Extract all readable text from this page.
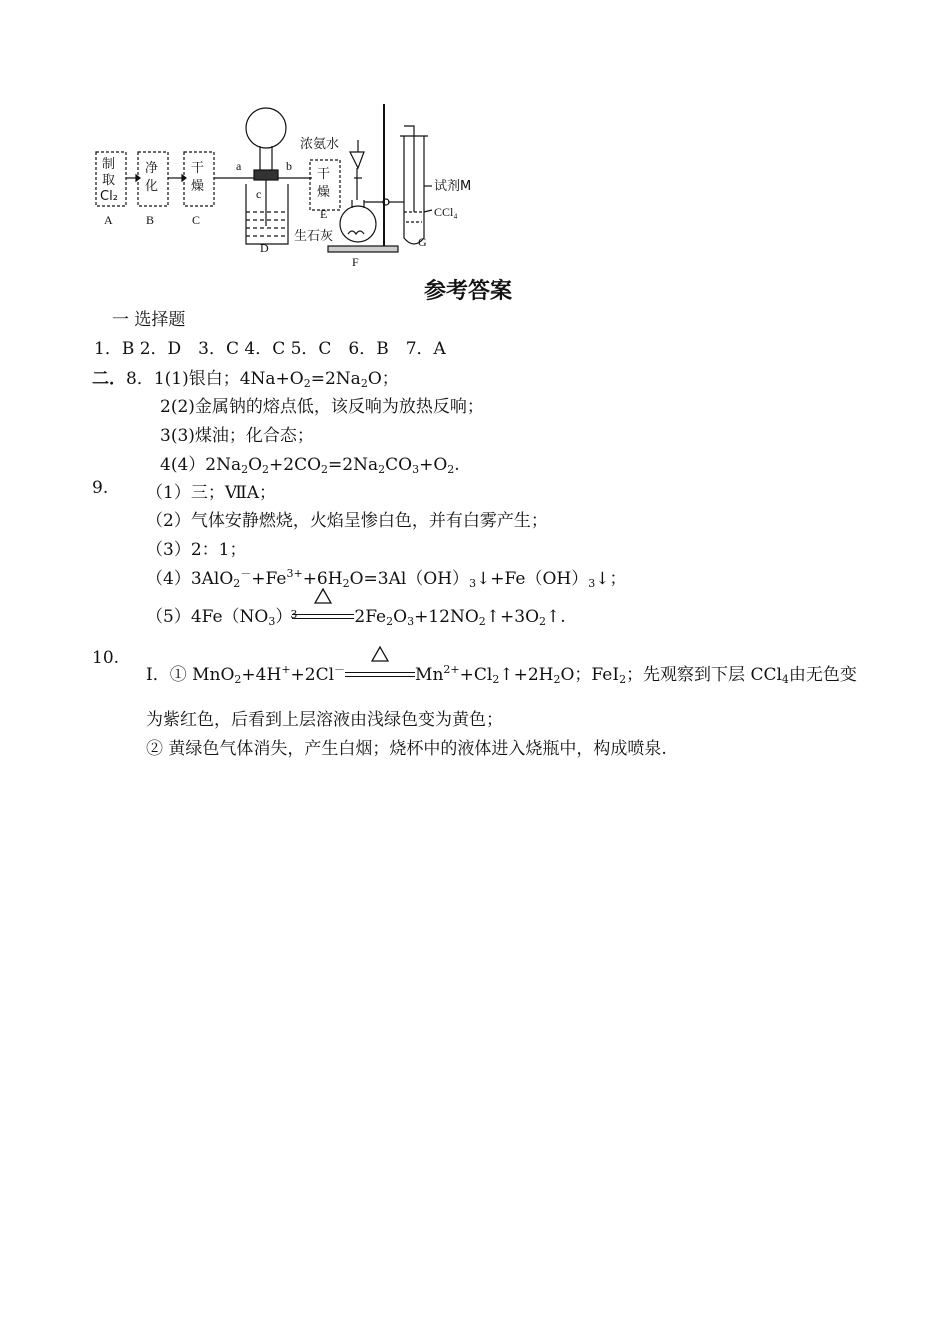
制
取
Cl₂
净
化
干
燥
干
燥
a	b
c
浓氨水
生石灰
试剂M
CCl₄
A	B	C
D
E
F
G
参考答案
一 选择题
1．B 2．D　3．C 4．C 5．C　6．B　7．A
二．8．1(1)银白；$4Na+O_2=2Na_2O$；
2(2)金属钠的熔点低，该反响为放热反响；
3(3)煤油；化合态；
$4(4)2Na_2O_2+2CO_2=2Na_2CO_3+O_2$.
9. （1）三；ⅦA；
（2）气体安静燃烧，火焰呈惨白色，并有白雾产生；
（3）2：1；
$(4)3AlO_2^-+Fe^{3+}+6H_2O=3Al(OH)_3↓+Fe(OH)_3↓$；
$(5)4Fe(NO_3)$
3	$2Fe_2O_3+12NO_2↑+3O_2↑$.
10.
I．① MnO$_2$+4H++2Cl－	$Mn^{2+}+Cl_2↑+2H_2O$；FeI$_2$；先观察到下层 CCl$_4$由无色变
为紫红色，后看到上层溶液由浅绿色变为黄色；
② 黄绿色气体消失，产生白烟；烧杯中的液体进入烧瓶中，构成喷泉.
